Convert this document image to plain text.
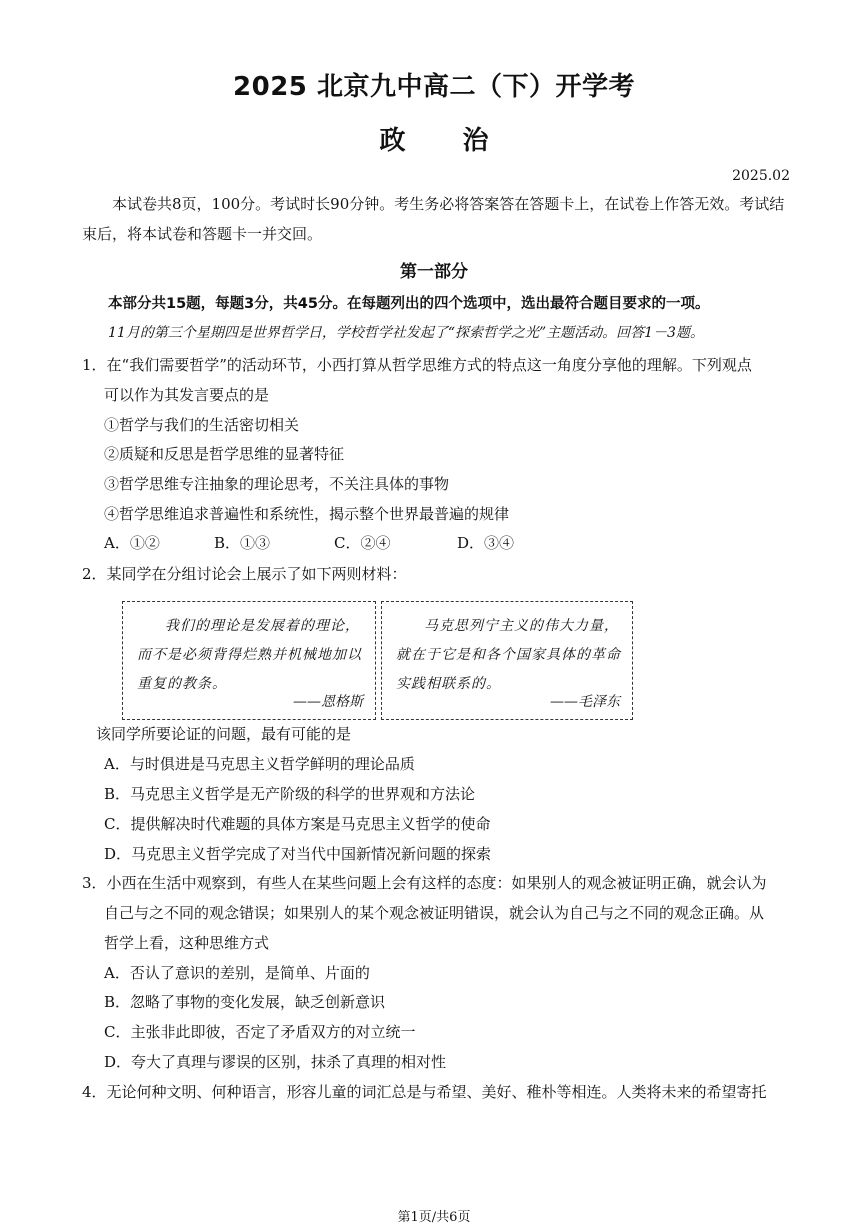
2025 北京九中高二（下）开学考
政 治
2025.02
本试卷共8页，100分。考试时长90分钟。考生务必将答案答在答题卡上，在试卷上作答无效。考试结束后，将本试卷和答题卡一并交回。
第一部分
本部分共15题，每题3分，共45分。在每题列出的四个选项中，选出最符合题目要求的一项。
11月的第三个星期四是世界哲学日，学校哲学社发起了“探索哲学之光”主题活动。回答1－3题。
1．在“我们需要哲学”的活动环节，小西打算从哲学思维方式的特点这一角度分享他的理解。下列观点
可以作为其发言要点的是
①哲学与我们的生活密切相关
②质疑和反思是哲学思维的显著特征
③哲学思维专注抽象的理论思考，不关注具体的事物
④哲学思维追求普遍性和系统性，揭示整个世界最普遍的规律
A．①②	B．①③	C．②④	D．③④
2．某同学在分组讨论会上展示了如下两则材料：
我们的理论是发展着的理论，而不是必须背得烂熟并机械地加以重复的教条。
——恩格斯
马克思列宁主义的伟大力量，就在于它是和各个国家具体的革命实践相联系的。
——毛泽东
该同学所要论证的问题，最有可能的是
A．与时俱进是马克思主义哲学鲜明的理论品质
B．马克思主义哲学是无产阶级的科学的世界观和方法论
C．提供解决时代难题的具体方案是马克思主义哲学的使命
D．马克思主义哲学完成了对当代中国新情况新问题的探索
3．小西在生活中观察到，有些人在某些问题上会有这样的态度：如果别人的观念被证明正确，就会认为
自己与之不同的观念错误；如果别人的某个观念被证明错误，就会认为自己与之不同的观念正确。从
哲学上看，这种思维方式
A．否认了意识的差别，是简单、片面的
B．忽略了事物的变化发展，缺乏创新意识
C．主张非此即彼，否定了矛盾双方的对立统一
D．夸大了真理与谬误的区别，抹杀了真理的相对性
4．无论何种文明、何种语言，形容儿童的词汇总是与希望、美好、稚朴等相连。人类将未来的希望寄托
第1页/共6页
